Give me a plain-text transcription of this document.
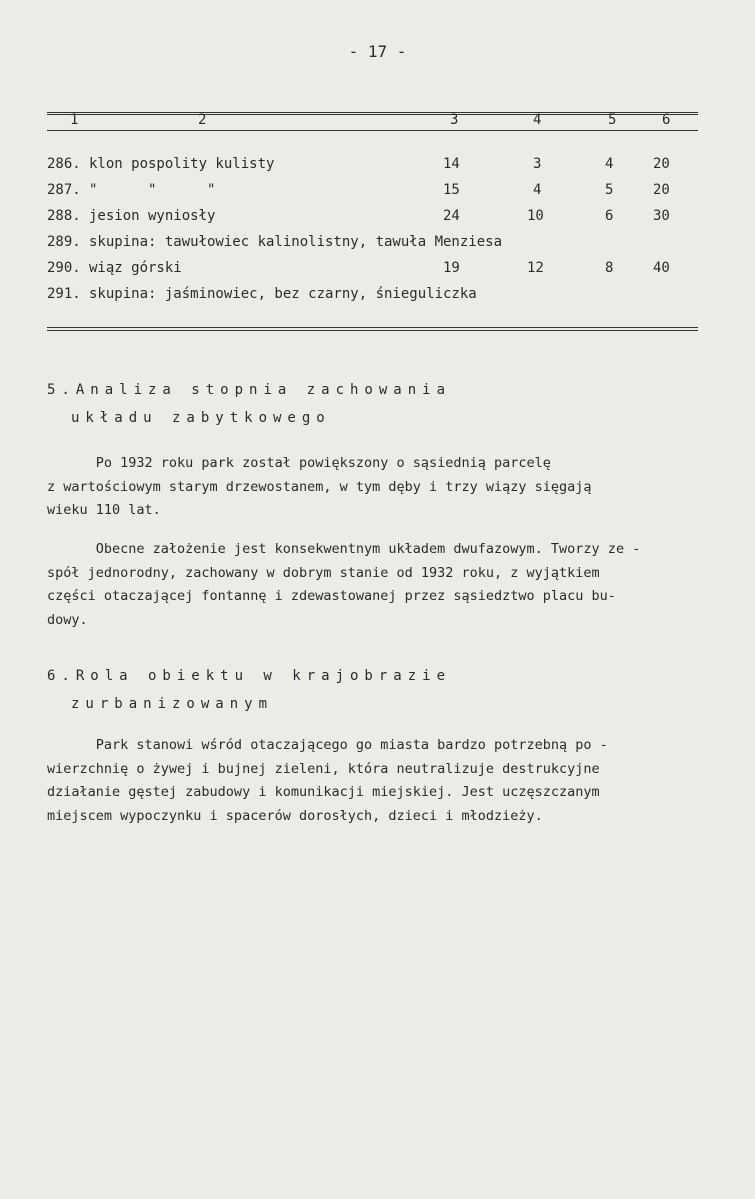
- 17 -
1	2	3	4	5	6
286. klon pospolity kulisty	14	3	4	20
287. "      "      "	15	4	5	20
288. jesion wyniosły	24	10	6	30
289. skupina: tawułowiec kalinolistny, tawuła Menziesa
290. wiąz górski	19	12	8	40
291. skupina: jaśminowiec, bez czarny, śnieguliczka
5.Analiza stopnia zachowania
układu zabytkowego
Po 1932 roku park został powiększony o sąsiednią parcelę
z wartościowym starym drzewostanem, w tym dęby i trzy wiązy sięgają
wieku 110 lat.
Obecne założenie jest konsekwentnym układem dwufazowym. Tworzy ze -
spół jednorodny, zachowany w dobrym stanie od 1932 roku, z wyjątkiem
części otaczającej fontannę i zdewastowanej przez sąsiedztwo placu bu-
dowy.
6.Rola obiektu w krajobrazie
zurbanizowanym
Park stanowi wśród otaczającego go miasta bardzo potrzebną po -
wierzchnię o żywej i bujnej zieleni, która neutralizuje destrukcyjne
działanie gęstej zabudowy i komunikacji miejskiej. Jest uczęszczanym
miejscem wypoczynku i spacerów dorosłych, dzieci i młodzieży.
